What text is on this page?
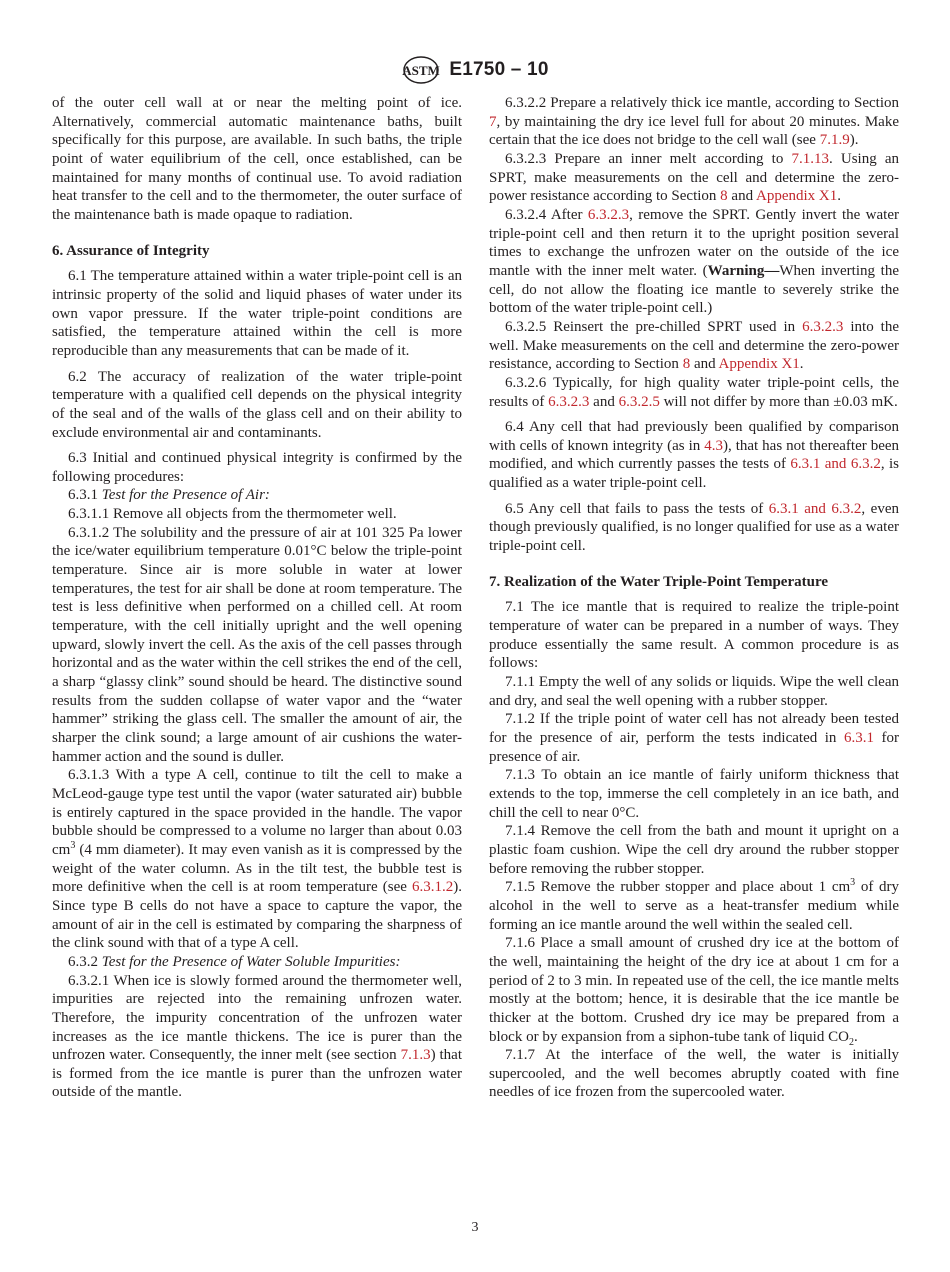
ASTM E1750 – 10

of the outer cell wall at or near the melting point of ice. Alternatively, commercial automatic maintenance baths, built specifically for this purpose, are available. In such baths, the triple point of water equilibrium of the cell, once established, can be maintained for many months of continual use. To avoid radiation heat transfer to the cell and to the thermometer, the outer surface of the maintenance bath is made opaque to radiation.

6. Assurance of Integrity

6.1 The temperature attained within a water triple-point cell is an intrinsic property of the solid and liquid phases of water under its own vapor pressure. If the water triple-point conditions are satisfied, the temperature attained within the cell is more reproducible than any measurements that can be made of it.

6.2 The accuracy of realization of the water triple-point temperature with a qualified cell depends on the physical integrity of the seal and of the walls of the glass cell and on their ability to exclude environmental air and contaminants.

6.3 Initial and continued physical integrity is confirmed by the following procedures:

6.3.1 Test for the Presence of Air:

6.3.1.1 Remove all objects from the thermometer well.

6.3.1.2 The solubility and the pressure of air at 101 325 Pa lower the ice/water equilibrium temperature 0.01°C below the triple-point temperature. Since air is more soluble in water at lower temperatures, the test for air shall be done at room temperature. The test is less definitive when performed on a chilled cell. At room temperature, with the cell initially upright and the well opening upward, slowly invert the cell. As the axis of the cell passes through horizontal and as the water within the cell strikes the end of the cell, a sharp “glassy clink” sound should be heard. The distinctive sound results from the sudden collapse of water vapor and the “water hammer” striking the glass cell. The smaller the amount of air, the sharper the clink sound; a large amount of air cushions the water-hammer action and the sound is duller.

6.3.1.3 With a type A cell, continue to tilt the cell to make a McLeod-gauge type test until the vapor (water saturated air) bubble is entirely captured in the space provided in the handle. The vapor bubble should be compressed to a volume no larger than about 0.03 $cm^3$ (4 mm diameter). It may even vanish as it is compressed by the weight of the water column. As in the tilt test, the bubble test is more definitive when the cell is at room temperature (see 6.3.1.2). Since type B cells do not have a space to capture the vapor, the amount of air in the cell is estimated by comparing the sharpness of the clink sound with that of a type A cell.

6.3.2 Test for the Presence of Water Soluble Impurities:

6.3.2.1 When ice is slowly formed around the thermometer well, impurities are rejected into the remaining unfrozen water. Therefore, the impurity concentration of the unfrozen water increases as the ice mantle thickens. The ice is purer than the unfrozen water. Consequently, the inner melt (see section 7.1.3) that is formed from the ice mantle is purer than the unfrozen water outside of the mantle.

6.3.2.2 Prepare a relatively thick ice mantle, according to Section 7, by maintaining the dry ice level full for about 20 minutes. Make certain that the ice does not bridge to the cell wall (see 7.1.9).

6.3.2.3 Prepare an inner melt according to 7.1.13. Using an SPRT, make measurements on the cell and determine the zero-power resistance according to Section 8 and Appendix X1.

6.3.2.4 After 6.3.2.3, remove the SPRT. Gently invert the water triple-point cell and then return it to the upright position several times to exchange the unfrozen water on the outside of the ice mantle with the inner melt water. (Warning—When inverting the cell, do not allow the floating ice mantle to severely strike the bottom of the water triple-point cell.)

6.3.2.5 Reinsert the pre-chilled SPRT used in 6.3.2.3 into the well. Make measurements on the cell and determine the zero-power resistance, according to Section 8 and Appendix X1.

6.3.2.6 Typically, for high quality water triple-point cells, the results of 6.3.2.3 and 6.3.2.5 will not differ by more than ±0.03 mK.

6.4 Any cell that had previously been qualified by comparison with cells of known integrity (as in 4.3), that has not thereafter been modified, and which currently passes the tests of 6.3.1 and 6.3.2, is qualified as a water triple-point cell.

6.5 Any cell that fails to pass the tests of 6.3.1 and 6.3.2, even though previously qualified, is no longer qualified for use as a water triple-point cell.

7. Realization of the Water Triple-Point Temperature

7.1 The ice mantle that is required to realize the triple-point temperature of water can be prepared in a number of ways. They produce essentially the same result. A common procedure is as follows:

7.1.1 Empty the well of any solids or liquids. Wipe the well clean and dry, and seal the well opening with a rubber stopper.

7.1.2 If the triple point of water cell has not already been tested for the presence of air, perform the tests indicated in 6.3.1 for presence of air.

7.1.3 To obtain an ice mantle of fairly uniform thickness that extends to the top, immerse the cell completely in an ice bath, and chill the cell to near 0°C.

7.1.4 Remove the cell from the bath and mount it upright on a plastic foam cushion. Wipe the cell dry around the rubber stopper before removing the rubber stopper.

7.1.5 Remove the rubber stopper and place about 1 $cm^3$ of dry alcohol in the well to serve as a heat-transfer medium while forming an ice mantle around the well within the sealed cell.

7.1.6 Place a small amount of crushed dry ice at the bottom of the well, maintaining the height of the dry ice at about 1 cm for a period of 2 to 3 min. In repeated use of the cell, the ice mantle melts mostly at the bottom; hence, it is desirable that the ice mantle be thicker at the bottom. Crushed dry ice may be prepared from a block or by expansion from a siphon-tube tank of liquid $CO_2$.

7.1.7 At the interface of the well, the water is initially supercooled, and the well becomes abruptly coated with fine needles of ice frozen from the supercooled water.

3
